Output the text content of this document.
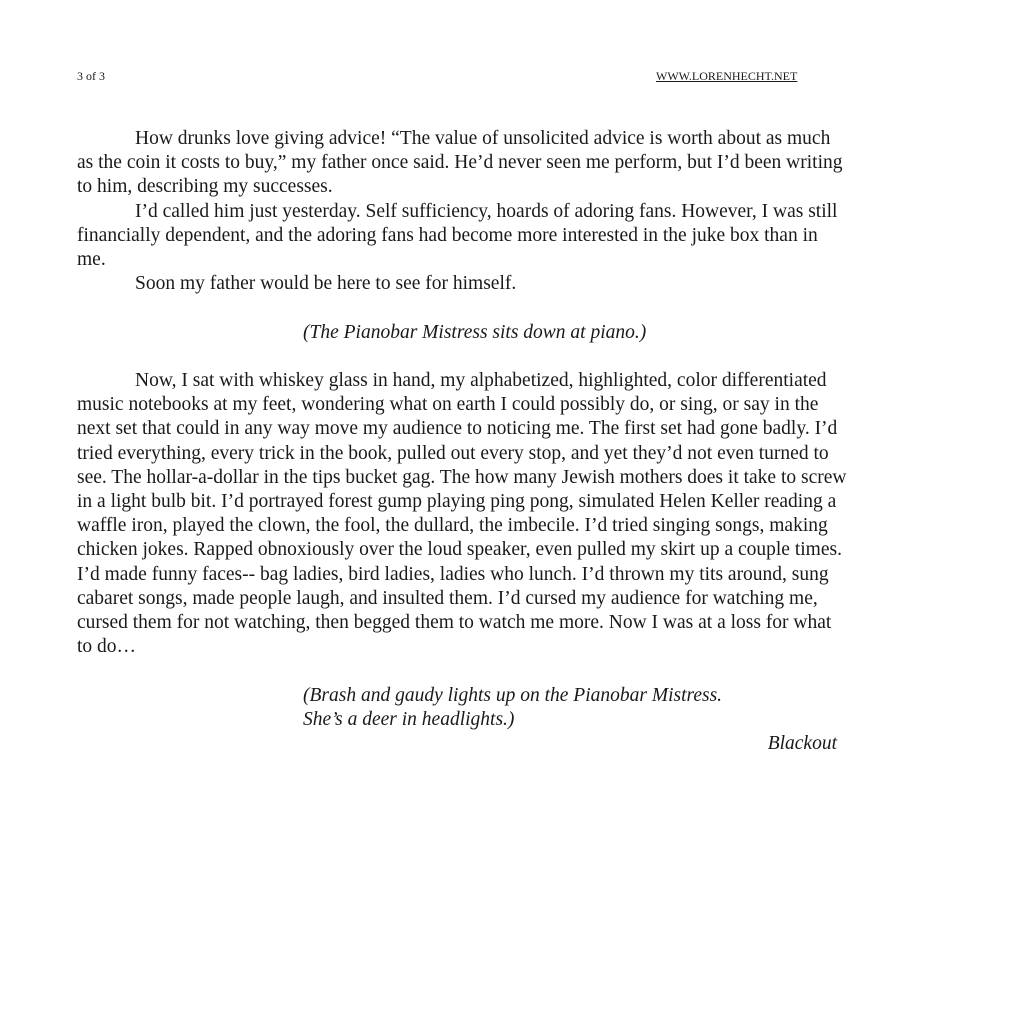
3 of 3	WWW.LORENHECHT.NET

How drunks love giving advice! “The value of unsolicited advice is worth about as much as the coin it costs to buy,” my father once said. He’d never seen me perform, but I’d been writing to him, describing my successes.

I’d called him just yesterday. Self sufficiency, hoards of adoring fans. However, I was still financially dependent, and the adoring fans had become more interested in the juke box than in me.

Soon my father would be here to see for himself.

(The Pianobar Mistress sits down at piano.)

Now, I sat with whiskey glass in hand, my alphabetized, highlighted, color differentiated music notebooks at my feet, wondering what on earth I could possibly do, or sing, or say in the next set that could in any way move my audience to noticing me. The first set had gone badly. I’d tried everything, every trick in the book, pulled out every stop, and yet they’d not even turned to see. The hollar-a-dollar in the tips bucket gag. The how many Jewish mothers does it take to screw in a light bulb bit. I’d portrayed forest gump playing ping pong, simulated Helen Keller reading a waffle iron, played the clown, the fool, the dullard, the imbecile. I’d tried singing songs, making chicken jokes. Rapped obnoxiously over the loud speaker, even pulled my skirt up a couple times. I’d made funny faces-- bag ladies, bird ladies, ladies who lunch. I’d thrown my tits around, sung cabaret songs, made people laugh, and insulted them. I’d cursed my audience for watching me, cursed them for not watching, then begged them to watch me more. Now I was at a loss for what to do…

(Brash and gaudy lights up on the Pianobar Mistress.

She’s a deer in headlights.)

Blackout
